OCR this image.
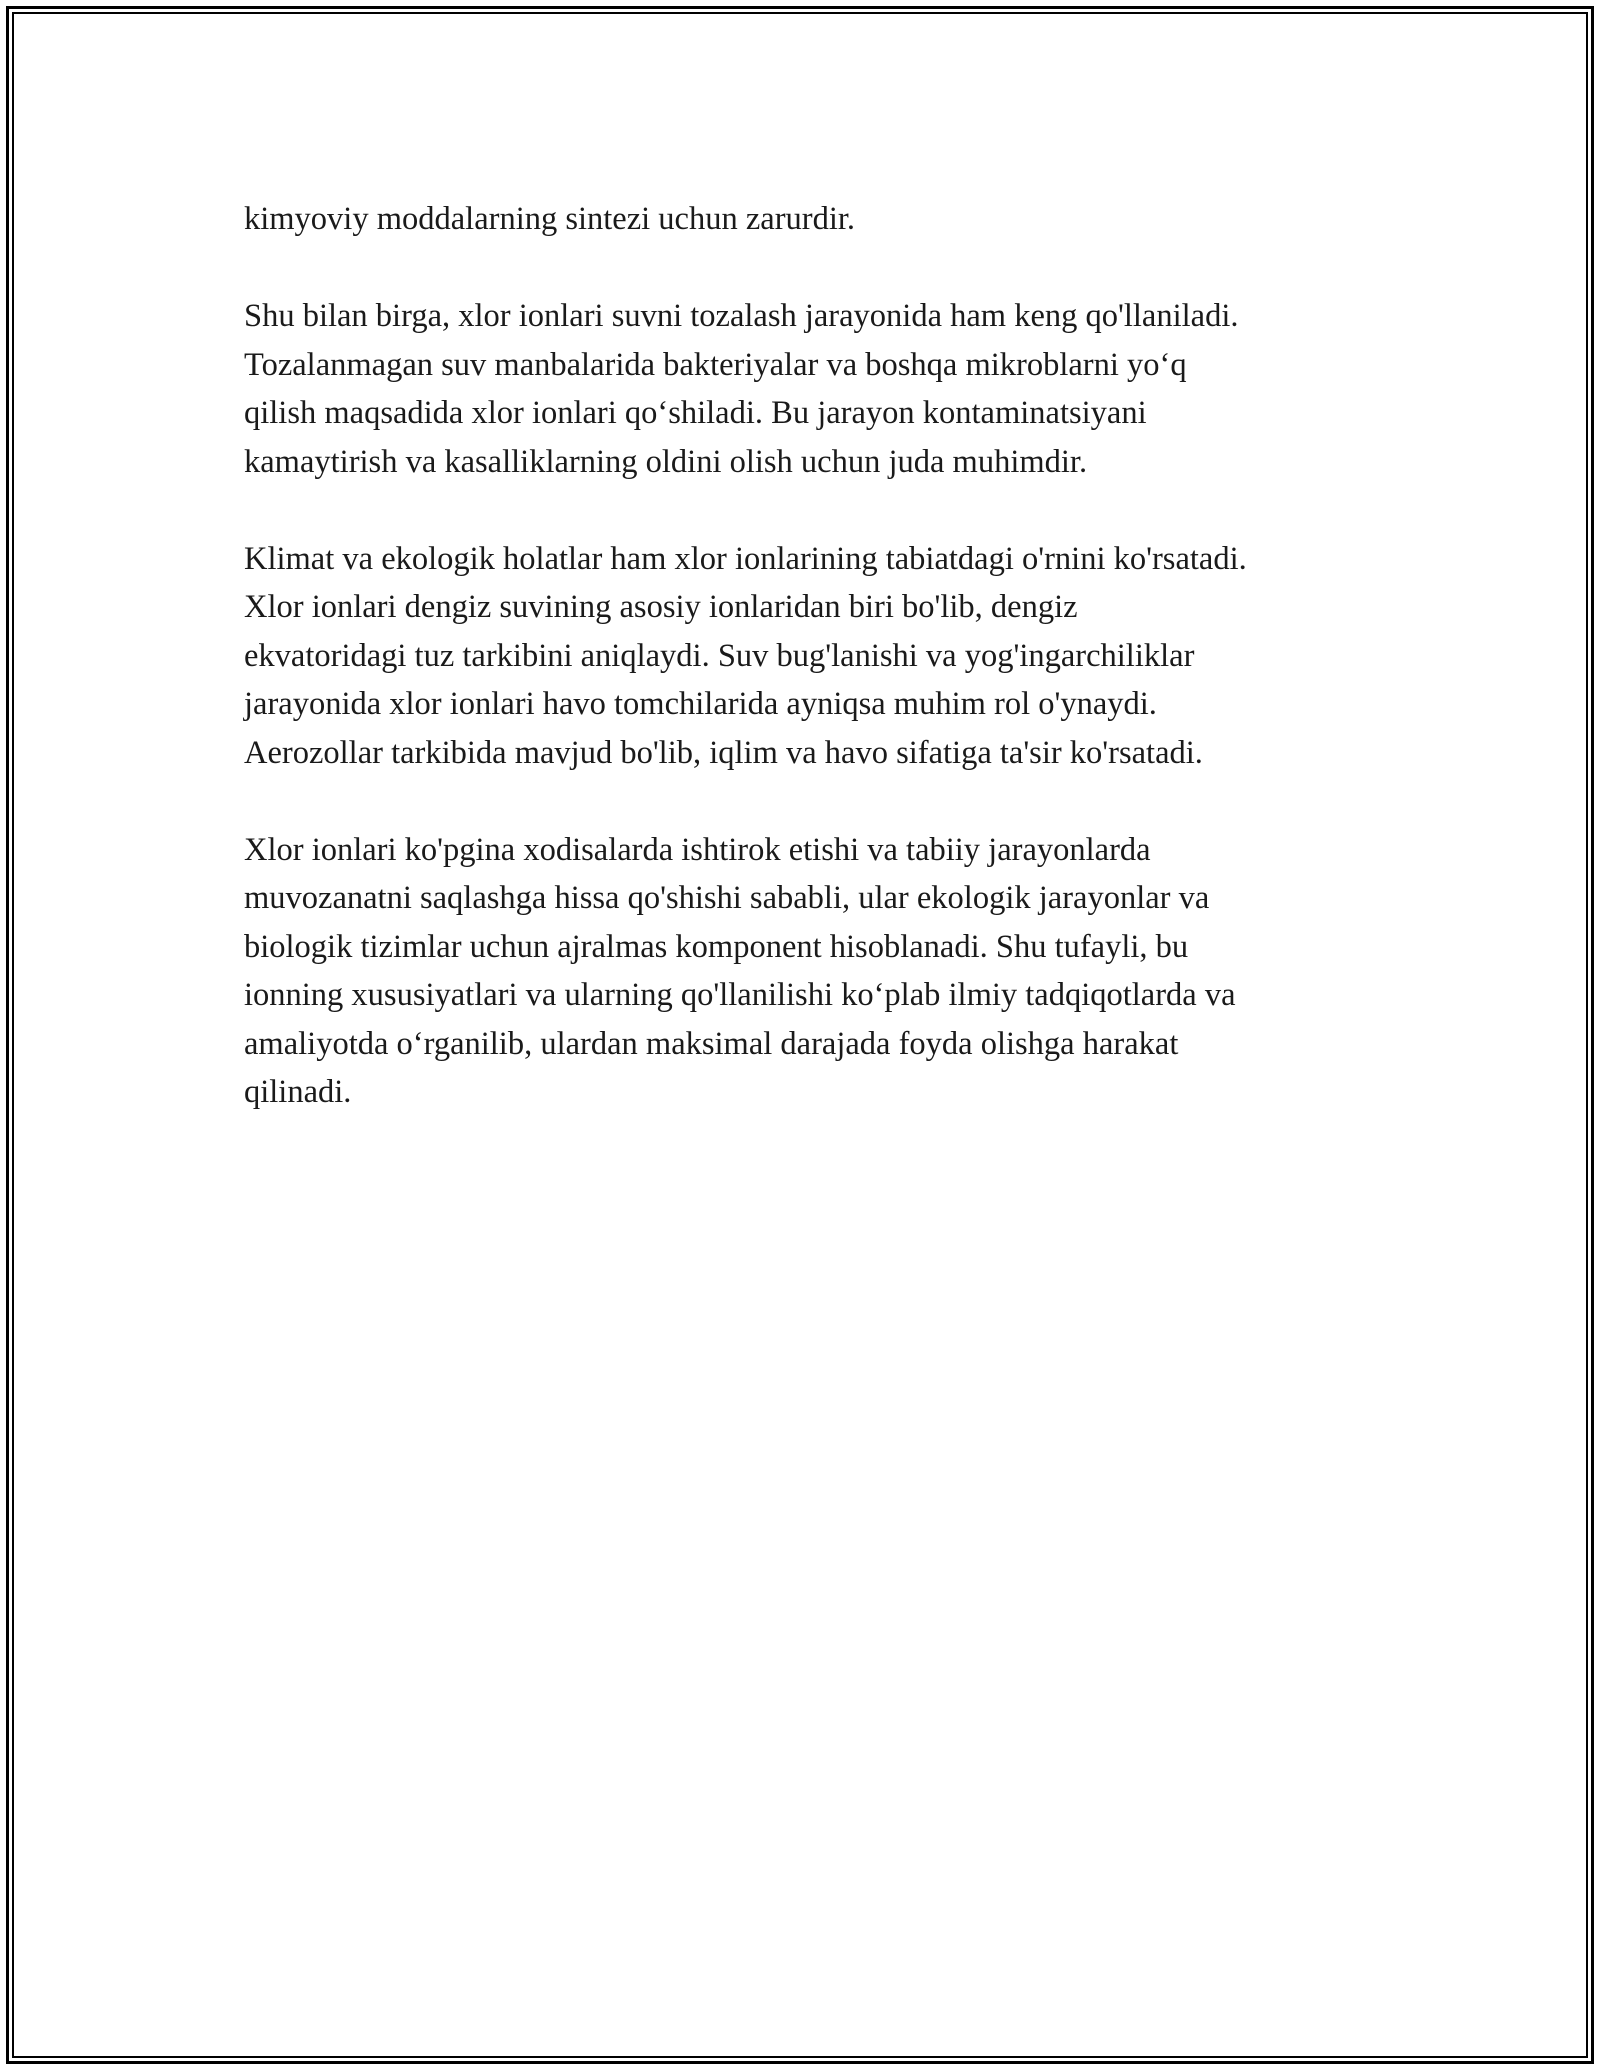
kimyoviy moddalarning sintezi uchun zarurdir.

Shu bilan birga, xlor ionlari suvni tozalash jarayonida ham keng qo'llaniladi.
Tozalanmagan suv manbalarida bakteriyalar va boshqa mikroblarni yo‘q
qilish maqsadida xlor ionlari qo‘shiladi. Bu jarayon kontaminatsiyani
kamaytirish va kasalliklarning oldini olish uchun juda muhimdir.

Klimat va ekologik holatlar ham xlor ionlarining tabiatdagi o'rnini ko'rsatadi.
Xlor ionlari dengiz suvining asosiy ionlaridan biri bo'lib, dengiz
ekvatoridagi tuz tarkibini aniqlaydi. Suv bug'lanishi va yog'ingarchiliklar
jarayonida xlor ionlari havo tomchilarida ayniqsa muhim rol o'ynaydi.
Aerozollar tarkibida mavjud bo'lib, iqlim va havo sifatiga ta'sir ko'rsatadi.

Xlor ionlari ko'pgina xodisalarda ishtirok etishi va tabiiy jarayonlarda
muvozanatni saqlashga hissa qo'shishi sababli, ular ekologik jarayonlar va
biologik tizimlar uchun ajralmas komponent hisoblanadi. Shu tufayli, bu
ionning xususiyatlari va ularning qo'llanilishi ko‘plab ilmiy tadqiqotlarda va
amaliyotda o‘rganilib, ulardan maksimal darajada foyda olishga harakat
qilinadi.
